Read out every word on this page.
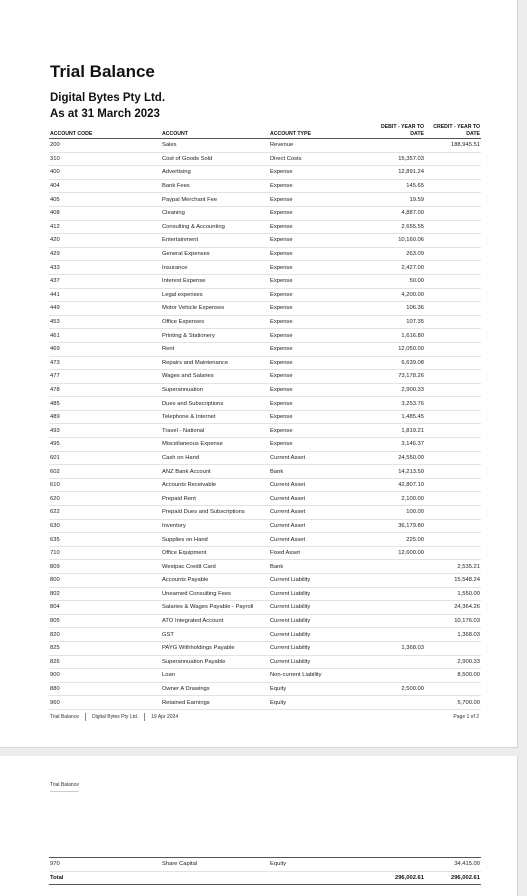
Trial Balance
Digital Bytes Pty Ltd.
As at 31 March 2023
ACCOUNT CODE	ACCOUNT	ACCOUNT TYPE	DEBIT - YEAR TO DATE	CREDIT - YEAR TO DATE
200	Sales	Revenue		188,945.51
310	Cost of Goods Sold	Direct Costs	15,357.03	
400	Advertising	Expense	12,891.24	
404	Bank Fees	Expense	145.65	
405	Paypal Merchant Fee	Expense	19.59	
408	Cleaning	Expense	4,887.00	
412	Consulting & Accounting	Expense	2,655.55	
420	Entertainment	Expense	10,160.06	
429	General Expenses	Expense	263.09	
433	Insurance	Expense	2,427.00	
437	Interest Expense	Expense	50.00	
441	Legal expenses	Expense	4,200.00	
449	Motor Vehicle Expenses	Expense	106.36	
453	Office Expenses	Expense	107.35	
461	Printing & Stationery	Expense	1,616.80	
469	Rent	Expense	12,050.00	
473	Repairs and Maintenance	Expense	6,639.08	
477	Wages and Salaries	Expense	73,178.26	
478	Superannuation	Expense	2,900.33	
485	Dues and Subscriptions	Expense	3,253.76	
489	Telephone & Internet	Expense	1,485.45	
493	Travel - National	Expense	1,819.21	
495	Miscellaneous Expense	Expense	3,146.37	
601	Cash on Hand	Current Asset	24,550.00	
602	ANZ Bank Account	Bank	14,213.50	
610	Accounts Receivable	Current Asset	42,807.10	
620	Prepaid Rent	Current Asset	2,100.00	
622	Prepaid Dues and Subscriptions	Current Asset	100.00	
630	Inventory	Current Asset	36,179.80	
635	Supplies on Hand	Current Asset	225.00	
710	Office Equipment	Fixed Asset	12,600.00	
809	Westpac Credit Card	Bank		2,535.21
800	Accounts Payable	Current Liability		15,548.24
802	Unearned Consulting Fees	Current Liability		1,550.00
804	Salaries & Wages Payable - Payroll	Current Liability		24,364.26
805	ATO Integrated Account	Current Liability		10,176.03
820	GST	Current Liability		1,368.03
825	PAYG Withholdings Payable	Current Liability	1,368.03	
826	Superannuation Payable	Current Liability		2,900.33
900	Loan	Non-current Liability		8,500.00
880	Owner A Drawings	Equity	2,500.00	
960	Retained Earnings	Equity		5,700.00
Trial Balance	Digital Bytes Pty Ltd.	19 Apr 2024	Page 1 of 2
Trial Balance
970	Share Capital	Equity		34,415.00
Total			296,002.61	296,002.61
